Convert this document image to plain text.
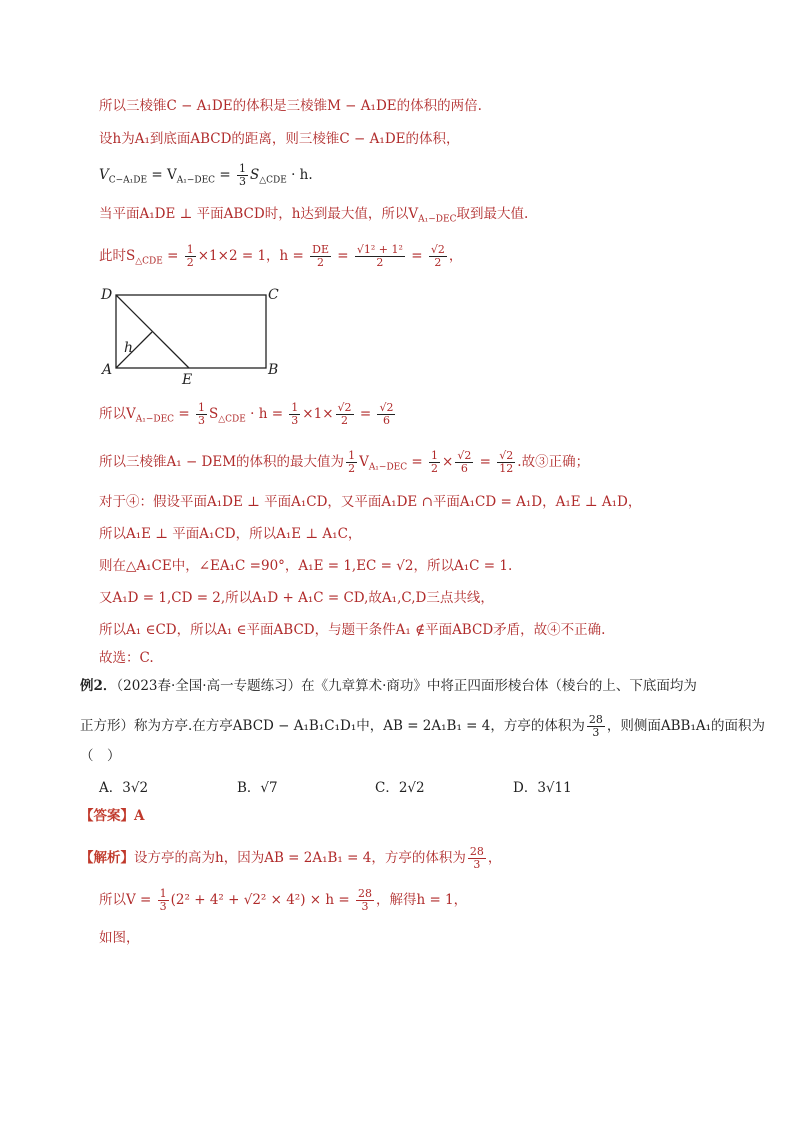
所以三棱锥C − A₁DE的体积是三棱锥M − A₁DE的体积的两倍.
设h为A₁到底面ABCD的距离，则三棱锥C − A₁DE的体积，
$V_{C-A_1DE} = V_{A_1-DEC} = \frac{1}{3} S_{\triangle CDE} \cdot h$.
当平面A₁DE ⊥ 平面ABCD时，h达到最大值，所以$V_{A_1-DEC}$取到最大值.
此时$S_{\triangle CDE} = \frac{1}{2} \times 1\times 2 = 1$，$h = \frac{DE}{2} = \frac{\text{√1² + 1²}}{2} = \frac{√2}{2}$ ，
D	C
A	B
E
h
所以$V_{A_1-DEC} = \frac{1}{3} S_{\triangle CDE} \cdot h = \frac{1}{3} \times 1\times \frac{√2}{2} = \frac{√2}{6}$
所以三棱锥A₁ − DEM的体积的最大值为 $\frac{1}{2} V_{A_1-DEC} = \frac{1}{2} \times \frac{√2}{6} = \frac{√2}{12}$ .故③正确；
对于④：假设平面A₁DE ⊥ 平面A₁CD，又平面A₁DE ∩平面A₁CD = A₁D，A₁E ⊥ A₁D，
所以A₁E ⊥ 平面A₁CD，所以A₁E ⊥ A₁C，
则在△A₁CE中，∠EA₁C =90°，A₁E = 1,EC = √2，所以A₁C = 1.
又A₁D = 1,CD = 2,所以A₁D + A₁C = CD,故A₁,C,D三点共线，
所以A₁ ∈CD，所以A₁ ∈平面ABCD，与题干条件A₁ ∉平面ABCD矛盾，故④不正确.
故选：C.
例2．（2023春·全国·高一专题练习）在《九章算术·商功》中将正四面形棱台体（棱台的上、下底面均为
正方形）称为方亭.在方亭ABCD − A₁B₁C₁D₁中，AB = 2A₁B₁ = 4，方亭的体积为 $\frac{28}{3}$ ，则侧面ABB₁A₁的面积为
（　）
A．3√2	B．√7	C．2√2	D．3√11
【答案】A
【解析】设方亭的高为h，因为AB = 2A₁B₁ = 4，方亭的体积为 $\frac{28}{3}$ ，
所以$V = \frac{1}{3} (2^2 + 4^2 + √2^2 \times 4^2) \times h = \frac{28}{3}$ ，解得h = 1，
如图，
